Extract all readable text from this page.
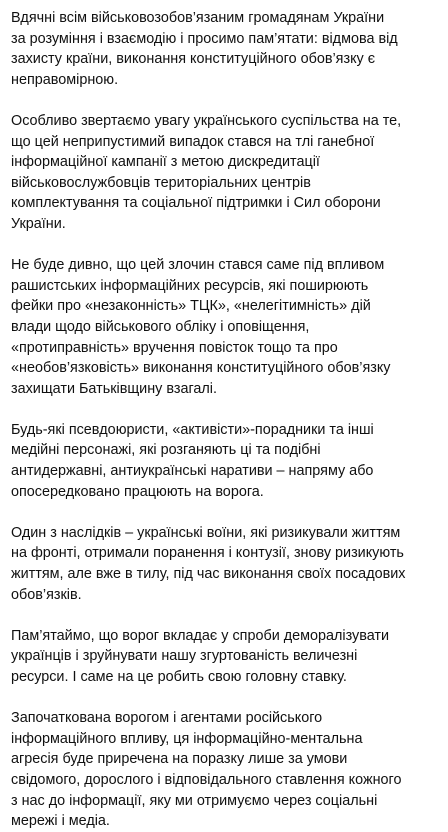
Вдячні всім військовозобов’язаним громадянам України
за розуміння і взаємодію і просимо пам’ятати: відмова від
захисту країни, виконання конституційного обов’язку є
неправомірною.

Особливо звертаємо увагу українського суспільства на те,
що цей неприпустимий випадок стався на тлі ганебної
інформаційної кампанії з метою дискредитації
військовослужбовців територіальних центрів
комплектування та соціальної підтримки і Сил оборони
України.

Не буде дивно, що цей злочин стався саме під впливом
рашистських інформаційних ресурсів, які поширюють
фейки про «незаконність» ТЦК», «нелегітимність» дій
влади щодо військового обліку і оповіщення,
«протиправність» вручення повісток тощо та про
«необов’язковість» виконання конституційного обов’язку
захищати Батьківщину взагалі.

Будь-які псевдоюристи, «активісти»-порадники та інші
медійні персонажі, які розганяють ці та подібні
антидержавні, антиукраїнські наративи – напряму або
опосередковано працюють на ворога.

Один з наслідків – українські воїни, які ризикували життям
на фронті, отримали поранення і контузії, знову ризикують
життям, але вже в тилу, під час виконання своїх посадових
обов’язків.

Пам’ятаймо, що ворог вкладає у спроби деморалізувати
українців і зруйнувати нашу згуртованість величезні
ресурси. І саме на це робить свою головну ставку.

Започаткована ворогом і агентами російського
інформаційного впливу, ця інформаційно-ментальна
агресія буде приречена на поразку лише за умови
свідомого, дорослого і відповідального ставлення кожного
з нас до інформації, яку ми отримуємо через соціальні
мережі і медіа.
